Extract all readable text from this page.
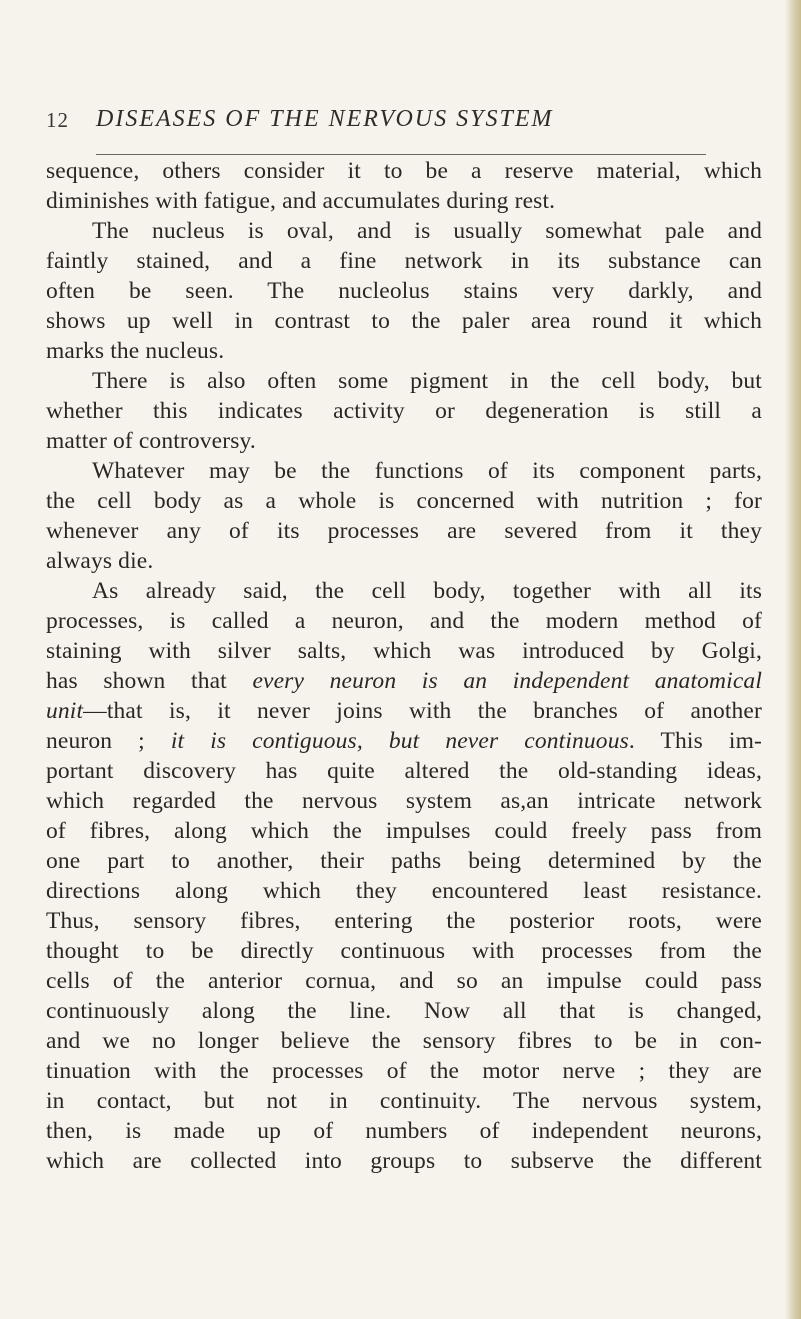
12 DISEASES OF THE NERVOUS SYSTEM
sequence, others consider it to be a reserve material, which
diminishes with fatigue, and accumulates during rest.
The nucleus is oval, and is usually somewhat pale and
faintly stained, and a fine network in its substance can
often be seen. The nucleolus stains very darkly, and
shows up well in contrast to the paler area round it which
marks the nucleus.
There is also often some pigment in the cell body, but
whether this indicates activity or degeneration is still a
matter of controversy.
Whatever may be the functions of its component parts,
the cell body as a whole is concerned with nutrition ; for
whenever any of its processes are severed from it they
always die.
As already said, the cell body, together with all its
processes, is called a neuron, and the modern method of
staining with silver salts, which was introduced by Golgi,
has shown that every neuron is an independent anatomical
unit—that is, it never joins with the branches of another
neuron ; it is contiguous, but never continuous. This im-
portant discovery has quite altered the old-standing ideas,
which regarded the nervous system as,an intricate network
of fibres, along which the impulses could freely pass from
one part to another, their paths being determined by the
directions along which they encountered least resistance.
Thus, sensory fibres, entering the posterior roots, were
thought to be directly continuous with processes from the
cells of the anterior cornua, and so an impulse could pass
continuously along the line. Now all that is changed,
and we no longer believe the sensory fibres to be in con-
tinuation with the processes of the motor nerve ; they are
in contact, but not in continuity. The nervous system,
then, is made up of numbers of independent neurons,
which are collected into groups to subserve the different
